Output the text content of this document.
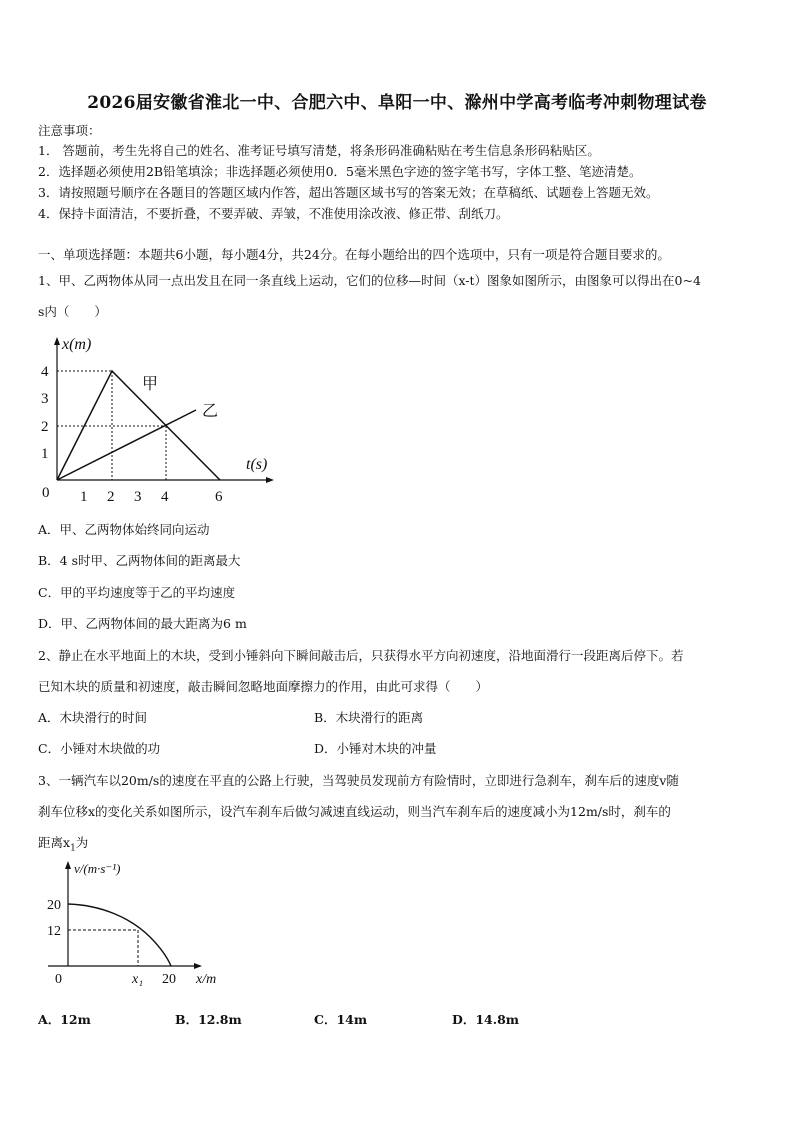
2026届安徽省淮北一中、合肥六中、阜阳一中、滁州中学高考临考冲刺物理试卷
注意事项：
1． 答题前，考生先将自己的姓名、准考证号填写清楚，将条形码准确粘贴在考生信息条形码粘贴区。
2．选择题必须使用2B铅笔填涂；非选择题必须使用0．5毫米黑色字迹的签字笔书写，字体工整、笔迹清楚。
3．请按照题号顺序在各题目的答题区域内作答，超出答题区域书写的答案无效；在草稿纸、试题卷上答题无效。
4．保持卡面清洁，不要折叠，不要弄破、弄皱，不准使用涂改液、修正带、刮纸刀。
一、单项选择题：本题共6小题，每小题4分，共24分。在每小题给出的四个选项中，只有一项是符合题目要求的。
1、甲、乙两物体从同一点出发且在同一条直线上运动，它们的位移—时间（x-t）图象如图所示，由图象可以得出在0~4
s内（　　）
x(m)
t(s)
0
4
3
2
1
1 2 3 4	6
甲
乙
A．甲、乙两物体始终同向运动
B．4 s时甲、乙两物体间的距离最大
C．甲的平均速度等于乙的平均速度
D．甲、乙两物体间的最大距离为6 m
2、静止在水平地面上的木块，受到小锤斜向下瞬间敲击后，只获得水平方向初速度，沿地面滑行一段距离后停下。若
已知木块的质量和初速度，敲击瞬间忽略地面摩擦力的作用，由此可求得（　　）
A．木块滑行的时间	B．木块滑行的距离
C．小锤对木块做的功	D．小锤对木块的冲量
3、一辆汽车以20m/s的速度在平直的公路上行驶，当驾驶员发现前方有险情时，立即进行急刹车，刹车后的速度v随
刹车位移x的变化关系如图所示，设汽车刹车后做匀减速直线运动，则当汽车刹车后的速度减小为12m/s时，刹车的
距离$x_1$为
v/(m·s⁻¹)
x/m
0
20
12
x₁ 20
A．12m	B．12.8m	C．14m	D．14.8m
